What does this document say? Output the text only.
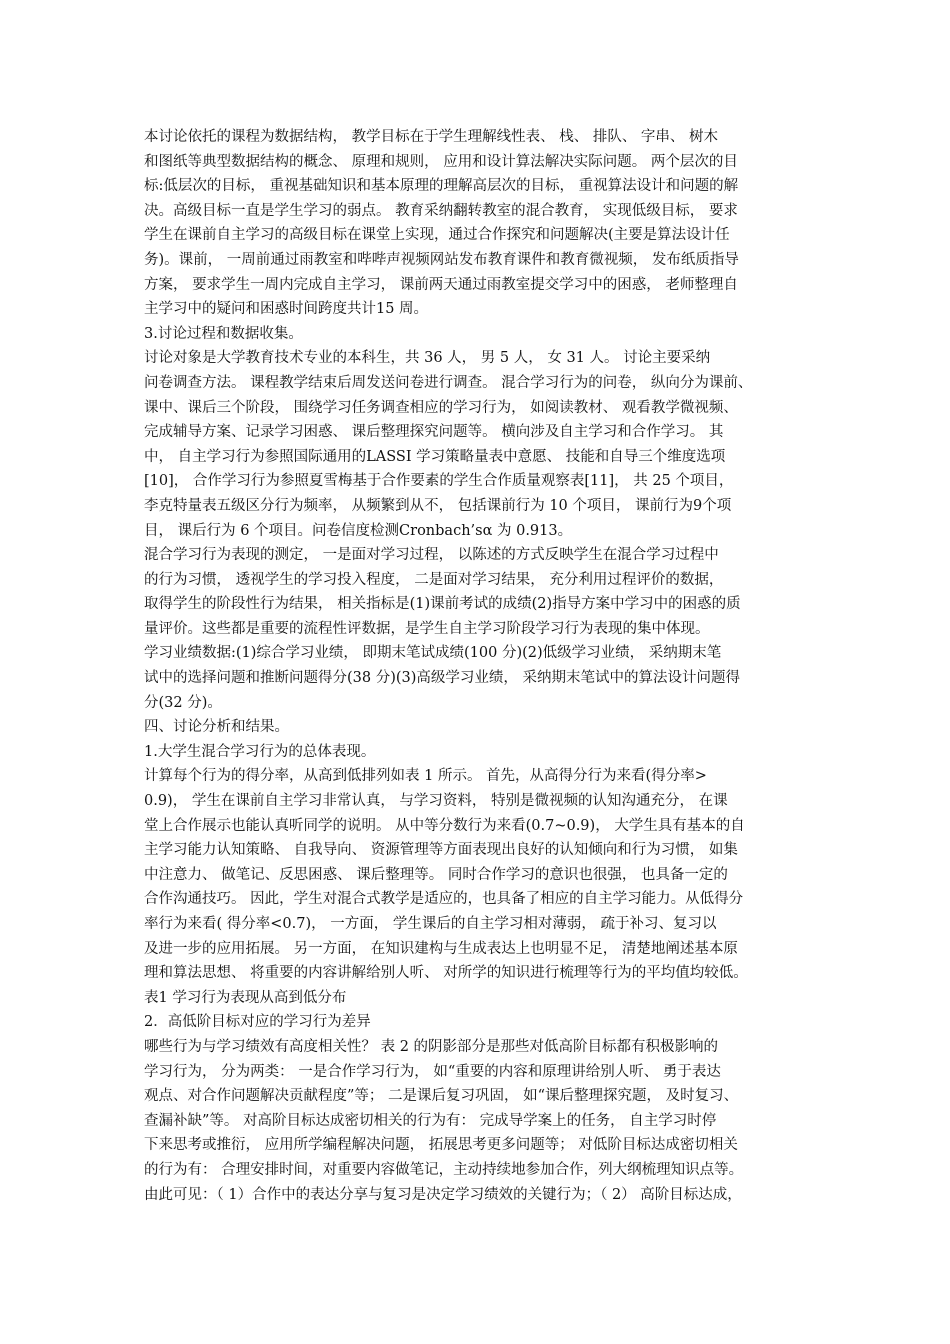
本讨论依托的课程为数据结构， 教学目标在于学生理解线性表、 栈、 排队、 字串、 树木
和图纸等典型数据结构的概念、 原理和规则， 应用和设计算法解决实际问题。 两个层次的目
标:低层次的目标， 重视基础知识和基本原理的理解高层次的目标， 重视算法设计和问题的解
决。高级目标一直是学生学习的弱点。 教育采纳翻转教室的混合教育， 实现低级目标， 要求
学生在课前自主学习的高级目标在课堂上实现，通过合作探究和问题解决(主要是算法设计任
务)。课前， 一周前通过雨教室和哔哔声视频网站发布教育课件和教育微视频， 发布纸质指导
方案， 要求学生一周内完成自主学习， 课前两天通过雨教室提交学习中的困惑， 老师整理自
主学习中的疑问和困惑时间跨度共计15 周。
3.讨论过程和数据收集。
讨论对象是大学教育技术专业的本科生，共 36 人， 男 5 人， 女 31 人。 讨论主要采纳
问卷调查方法。 课程教学结束后周发送问卷进行调查。 混合学习行为的问卷， 纵向分为课前、
课中、课后三个阶段， 围绕学习任务调查相应的学习行为， 如阅读教材、 观看教学微视频、
完成辅导方案、记录学习困惑、 课后整理探究问题等。 横向涉及自主学习和合作学习。 其
中， 自主学习行为参照国际通用的LASSI 学习策略量表中意愿、 技能和自导三个维度选项
[10]， 合作学习行为参照夏雪梅基于合作要素的学生合作质量观察表[11]， 共 25 个项目，
李克特量表五级区分行为频率， 从频繁到从不， 包括课前行为 10 个项目， 课前行为9个项
目， 课后行为 6 个项目。问卷信度检测Cronbach’sα 为 0.913。
混合学习行为表现的测定， 一是面对学习过程， 以陈述的方式反映学生在混合学习过程中
的行为习惯， 透视学生的学习投入程度， 二是面对学习结果， 充分利用过程评价的数据，
取得学生的阶段性行为结果， 相关指标是(1)课前考试的成绩(2)指导方案中学习中的困惑的质
量评价。这些都是重要的流程性评数据，是学生自主学习阶段学习行为表现的集中体现。
学习业绩数据:(1)综合学习业绩， 即期末笔试成绩(100 分)(2)低级学习业绩， 采纳期末笔
试中的选择问题和推断问题得分(38 分)(3)高级学习业绩， 采纳期末笔试中的算法设计问题得
分(32 分)。
四、讨论分析和结果。
1.大学生混合学习行为的总体表现。
计算每个行为的得分率，从高到低排列如表 1 所示。 首先，从高得分行为来看(得分率>
0.9)， 学生在课前自主学习非常认真， 与学习资料， 特别是微视频的认知沟通充分， 在课
堂上合作展示也能认真听同学的说明。 从中等分数行为来看(0.7~0.9)， 大学生具有基本的自
主学习能力认知策略、 自我导向、 资源管理等方面表现出良好的认知倾向和行为习惯， 如集
中注意力、 做笔记、反思困惑、 课后整理等。 同时合作学习的意识也很强， 也具备一定的
合作沟通技巧。 因此，学生对混合式教学是适应的，也具备了相应的自主学习能力。从低得分
率行为来看( 得分率<0.7)， 一方面， 学生课后的自主学习相对薄弱， 疏于补习、复习以
及进一步的应用拓展。 另一方面， 在知识建构与生成表达上也明显不足， 清楚地阐述基本原
理和算法思想、 将重要的内容讲解给别人听、 对所学的知识进行梳理等行为的平均值均较低。
表1 学习行为表现从高到低分布
2．高低阶目标对应的学习行为差异
哪些行为与学习绩效有高度相关性？ 表 2 的阴影部分是那些对低高阶目标都有积极影响的
学习行为， 分为两类： 一是合作学习行为， 如“重要的内容和原理讲给别人听、 勇于表达
观点、对合作问题解决贡献程度”等； 二是课后复习巩固， 如“课后整理探究题， 及时复习、
查漏补缺”等。 对高阶目标达成密切相关的行为有： 完成导学案上的任务， 自主学习时停
下来思考或推衍， 应用所学编程解决问题， 拓展思考更多问题等； 对低阶目标达成密切相关
的行为有： 合理安排时间，对重要内容做笔记，主动持续地参加合作，列大纲梳理知识点等。
由此可见：（ 1）合作中的表达分享与复习是决定学习绩效的关键行为；（ 2） 高阶目标达成，
